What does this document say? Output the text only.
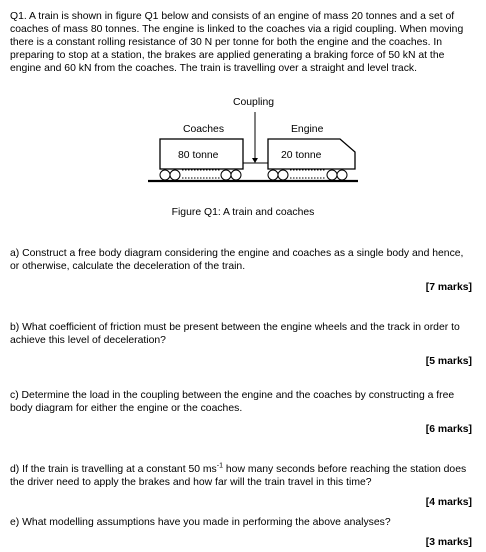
Q1. A train is shown in figure Q1 below and consists of an engine of mass 20 tonnes and a set of coaches of mass 80 tonnes. The engine is linked to the coaches via a rigid coupling. When moving there is a constant rolling resistance of 30 N per tonne for both the engine and the coaches. In preparing to stop at a station, the brakes are applied generating a braking force of 50 kN at the engine and 60 kN from the coaches. The train is travelling over a straight and level track.

Coupling
Coaches	Engine
80 tonne	20 tonne
Figure Q1: A train and coaches

a) Construct a free body diagram considering the engine and coaches as a single body and hence, or otherwise, calculate the deceleration of the train.

[7 marks]

b) What coefficient of friction must be present between the engine wheels and the track in order to achieve this level of deceleration?

[5 marks]

c) Determine the load in the coupling between the engine and the coaches by constructing a free body diagram for either the engine or the coaches.

[6 marks]

d) If the train is travelling at a constant 50 $ms^{-1}$ how many seconds before reaching the station does the driver need to apply the brakes and how far will the train travel in this time?

[4 marks]

e) What modelling assumptions have you made in performing the above analyses?

[3 marks]
